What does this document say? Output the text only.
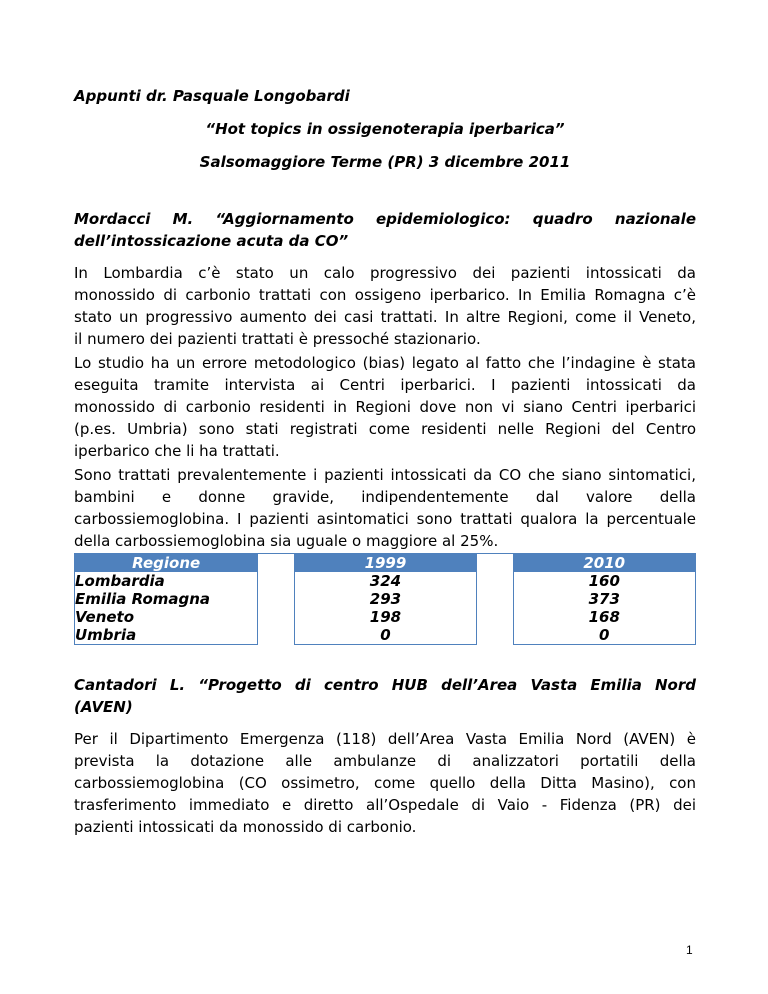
Appunti dr. Pasquale Longobardi
“Hot topics in ossigenoterapia iperbarica”
Salsomaggiore Terme (PR) 3 dicembre 2011
Mordacci M. “Aggiornamento epidemiologico: quadro nazionale
dell’intossicazione acuta da CO”
In Lombardia c’è stato un calo progressivo dei pazienti intossicati da
monossido di carbonio trattati con ossigeno iperbarico. In Emilia Romagna c’è
stato un progressivo aumento dei casi trattati. In altre Regioni, come il Veneto,
il numero dei pazienti trattati è pressoché stazionario.
Lo studio ha un errore metodologico (bias) legato al fatto che l’indagine è stata
eseguita tramite intervista ai Centri iperbarici. I pazienti intossicati da
monossido di carbonio residenti in Regioni dove non vi siano Centri iperbarici
(p.es. Umbria) sono stati registrati come residenti nelle Regioni del Centro
iperbarico che li ha trattati.
Sono trattati prevalentemente i pazienti intossicati da CO che siano sintomatici,
bambini e donne gravide, indipendentemente dal valore della
carbossiemoglobina. I pazienti asintomatici sono trattati qualora la percentuale
della carbossiemoglobina sia uguale o maggiore al 25%.
Regione		1999		2010
Lombardia		324		160
Emilia Romagna		293		373
Veneto		198		168
Umbria		0		0
Cantadori L. “Progetto di centro HUB dell’Area Vasta Emilia Nord
(AVEN)
Per il Dipartimento Emergenza (118) dell’Area Vasta Emilia Nord (AVEN) è
prevista la dotazione alle ambulanze di analizzatori portatili della
carbossiemoglobina (CO ossimetro, come quello della Ditta Masino), con
trasferimento immediato e diretto all’Ospedale di Vaio - Fidenza (PR) dei
pazienti intossicati da monossido di carbonio.
1
